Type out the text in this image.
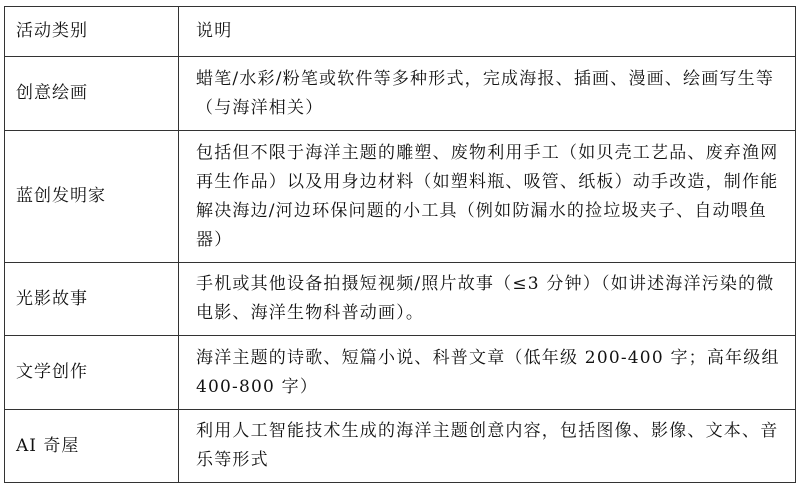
活动类别	说明

创意绘画	蜡笔/水彩/粉笔或软件等多种形式，完成海报、插画、漫画、绘画写生等（与海洋相关）

蓝创发明家	包括但不限于海洋主题的雕塑、废物利用手工（如贝壳工艺品、废弃渔网再生作品）以及用身边材料（如塑料瓶、吸管、纸板）动手改造，制作能解决海边/河边环保问题的小工具（例如防漏水的捡垃圾夹子、自动喂鱼器）

光影故事	手机或其他设备拍摄短视频/照片故事（≤3 分钟）（如讲述海洋污染的微电影、海洋生物科普动画）。

文学创作	海洋主题的诗歌、短篇小说、科普文章（低年级 200-400 字；高年级组 400-800 字）

AI 奇屋	利用人工智能技术生成的海洋主题创意内容，包括图像、影像、文本、音乐等形式
